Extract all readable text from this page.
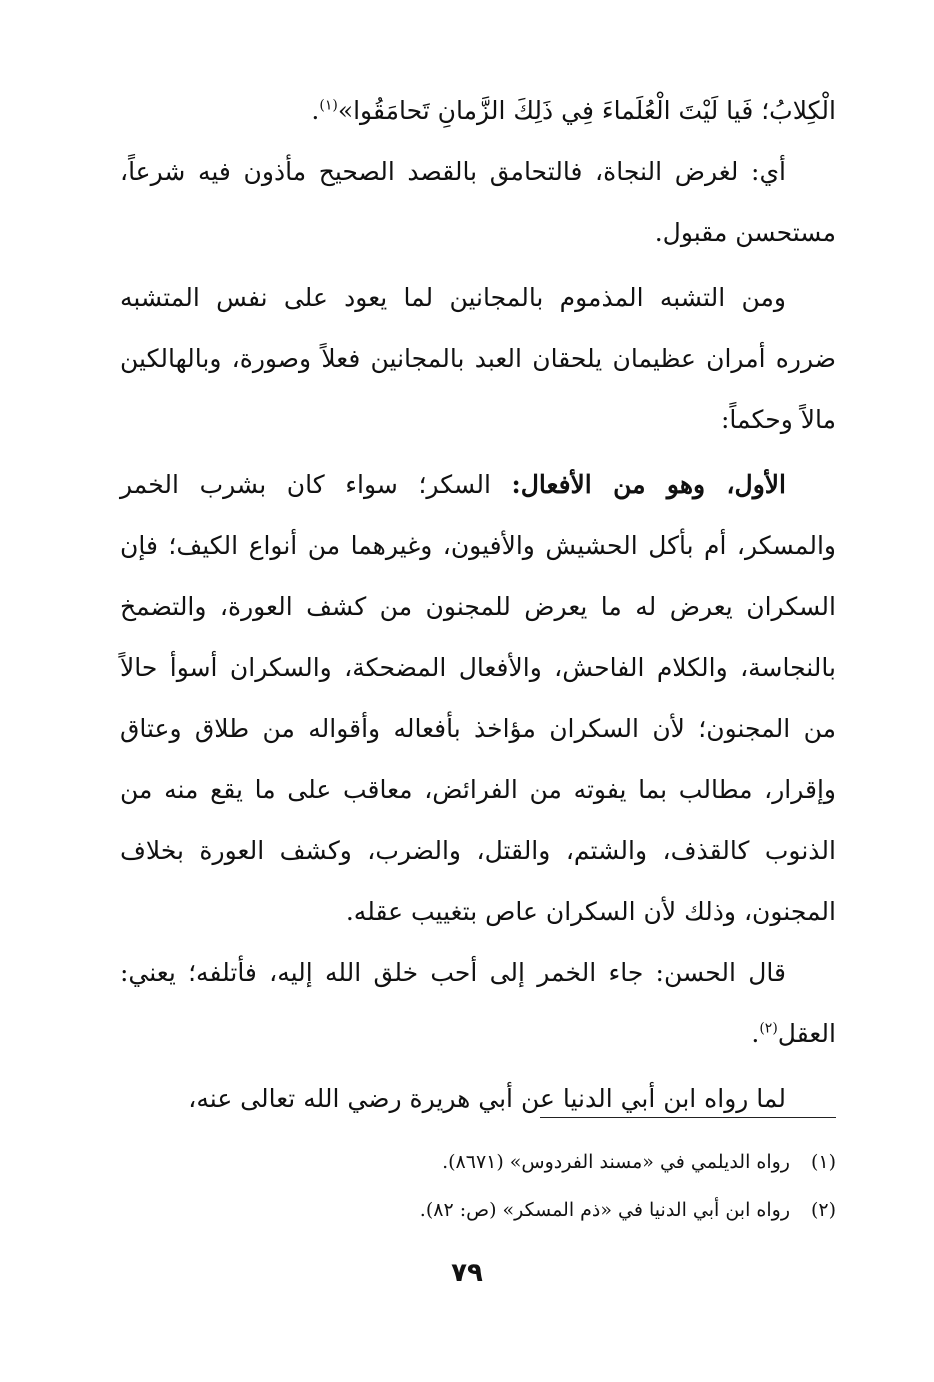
الْكِلابُ؛ فَيا لَيْتَ الْعُلَماءَ فِي ذَلِكَ الزَّمانِ تَحامَقُوا»$^{(١)}$.

أي: لغرض النجاة، فالتحامق بالقصد الصحيح مأذون فيه شرعاً، مستحسن مقبول.

ومن التشبه المذموم بالمجانين لما يعود على نفس المتشبه ضرره أمران عظيمان يلحقان العبد بالمجانين فعلاً وصورة، وبالهالكين مالاً وحكماً:

الأول، وهو من الأفعال: السكر؛ سواء كان بشرب الخمر والمسكر، أم بأكل الحشيش والأفيون، وغيرهما من أنواع الكيف؛ فإن السكران يعرض له ما يعرض للمجنون من كشف العورة، والتضمخ بالنجاسة، والكلام الفاحش، والأفعال المضحكة، والسكران أسوأ حالاً من المجنون؛ لأن السكران مؤاخذ بأفعاله وأقواله من طلاق وعتاق وإقرار، مطالب بما يفوته من الفرائض، معاقب على ما يقع منه من الذنوب كالقذف، والشتم، والقتل، والضرب، وكشف العورة بخلاف المجنون، وذلك لأن السكران عاص بتغييب عقله.

قال الحسن: جاء الخمر إلى أحب خلق الله إليه، فأتلفه؛ يعني: العقل$^{(٢)}$.

لما رواه ابن أبي الدنيا عن أبي هريرة رضي الله تعالى عنه،

(١)رواه الديلمي في «مسند الفردوس» (٨٦٧١).
(٢)رواه ابن أبي الدنيا في «ذم المسكر» (ص: ٨٢).
٧٩
